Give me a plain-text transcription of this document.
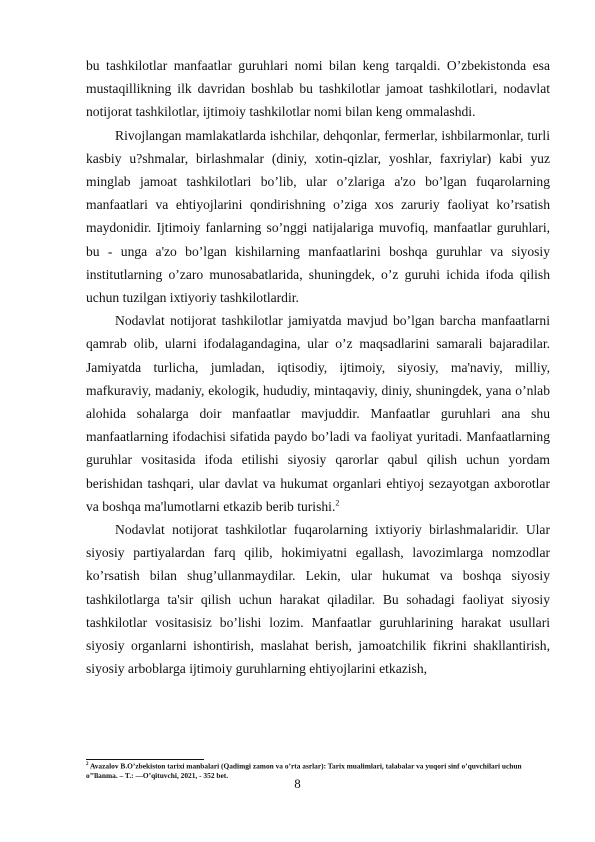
bu tashkilotlar manfaatlar guruhlari nomi bilan keng tarqaldi. O’zbekistonda esa mustaqillikning ilk davridan boshlab bu tashkilotlar jamoat tashkilotlari, nodavlat notijorat tashkilotlar, ijtimoiy tashkilotlar nomi bilan keng ommalashdi.

Rivojlangan mamlakatlarda ishchilar, dehqonlar, fermerlar, ishbilarmonlar, turli kasbiy u?shmalar, birlashmalar (diniy, xotin-qizlar, yoshlar, faxriylar) kabi yuz minglab jamoat tashkilotlari bo’lib, ular o’zlariga a'zo bo’lgan fuqarolarning manfaatlari va ehtiyojlarini qondirishning o’ziga xos zaruriy faoliyat ko’rsatish maydonidir. Ijtimoiy fanlarning so’nggi natijalariga muvofiq, manfaatlar guruhlari, bu - unga a'zo bo’lgan kishilarning manfaatlarini boshqa guruhlar va siyosiy institutlarning o’zaro munosabatlarida, shuningdek, o’z guruhi ichida ifoda qilish uchun tuzilgan ixtiyoriy tashkilotlardir.

Nodavlat notijorat tashkilotlar jamiyatda mavjud bo’lgan barcha manfaatlarni qamrab olib, ularni ifodalagandagina, ular o’z maqsadlarini samarali bajaradilar. Jamiyatda turlicha, jumladan, iqtisodiy, ijtimoiy, siyosiy, ma'naviy, milliy, mafkuraviy, madaniy, ekologik, hududiy, mintaqaviy, diniy, shuningdek, yana o’nlab alohida sohalarga doir manfaatlar mavjuddir. Manfaatlar guruhlari ana shu manfaatlarning ifodachisi sifatida paydo bo’ladi va faoliyat yuritadi. Manfaatlarning guruhlar vositasida ifoda etilishi siyosiy qarorlar qabul qilish uchun yordam berishidan tashqari, ular davlat va hukumat organlari ehtiyoj sezayotgan axborotlar va boshqa ma'lumotlarni etkazib berib turishi.$^2$

Nodavlat notijorat tashkilotlar fuqarolarning ixtiyoriy birlashmalaridir. Ular siyosiy partiyalardan farq qilib, hokimiyatni egallash, lavozimlarga nomzodlar ko’rsatish bilan shug’ullanmaydilar. Lekin, ular hukumat va boshqa siyosiy tashkilotlarga ta'sir qilish uchun harakat qiladilar. Bu sohadagi faoliyat siyosiy tashkilotlar vositasisiz bo’lishi lozim. Manfaatlar guruhlarining harakat usullari siyosiy organlarni ishontirish, maslahat berish, jamoatchilik fikrini shakllantirish, siyosiy arboblarga ijtimoiy guruhlarning ehtiyojlarini etkazish,

$^2$ Avazalov B.O’zbekiston tarixi manbalari (Qadimgi zamon va o’rta asrlar): Tarix mualimlari, talabalar va yuqori sinf o’quvchilari uchun o’’llanma. – T.: —O’qituvchi, 2021, - 352 bet.
8
